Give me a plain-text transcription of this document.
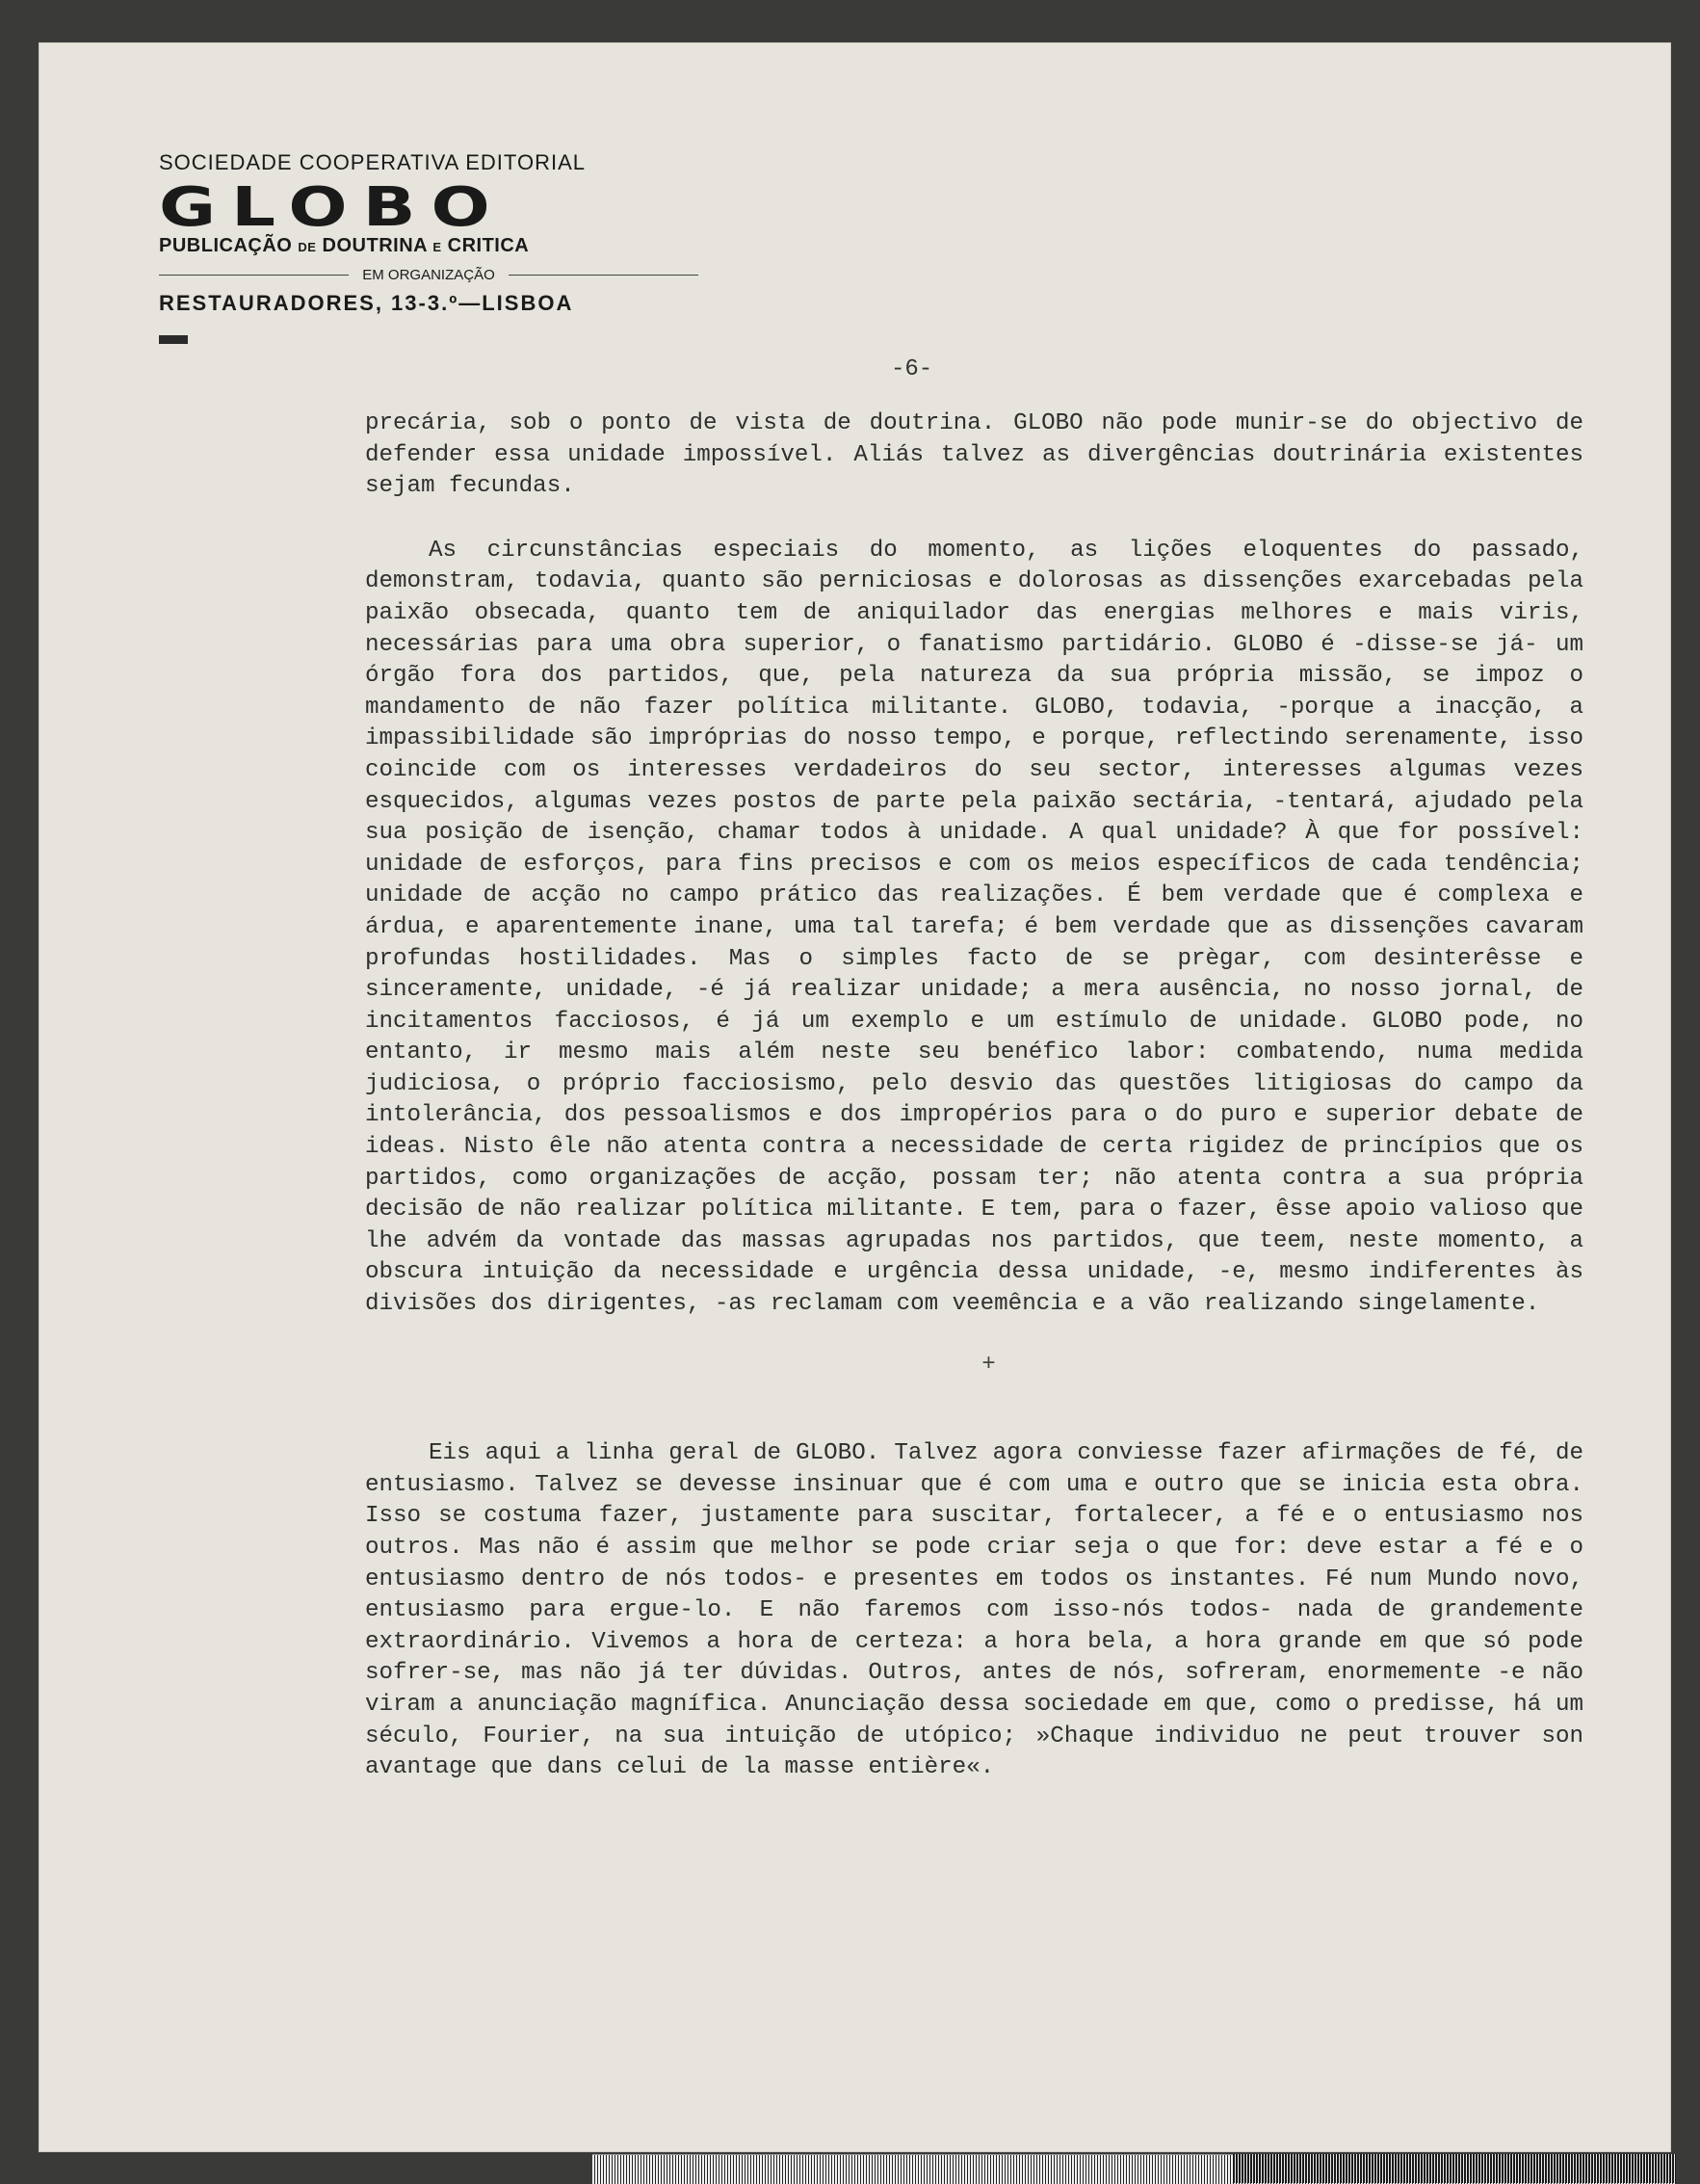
SOCIEDADE COOPERATIVA EDITORIAL
GLOBO
PUBLICAÇÃO DE DOUTRINA E CRITICA
EM ORGANIZAÇÃO
RESTAURADORES, 13-3.º—LISBOA
-6-

precária, sob o ponto de vista de doutrina. GLOBO não pode munir-se do objectivo de defender essa unidade impossível. Aliás talvez as divergências doutrinária existentes sejam fecundas.

As circunstâncias especiais do momento, as lições eloquentes do passado, demonstram, todavia, quanto são perniciosas e dolorosas as dissenções exarcebadas pela paixão obsecada, quanto tem de aniquilador das energias melhores e mais viris, necessárias para uma obra superior, o fanatismo partidário. GLOBO é -disse-se já- um órgão fora dos partidos, que, pela natureza da sua própria missão, se impoz o mandamento de não fazer política militante. GLOBO, todavia, -porque a inacção, a impassibilidade são impróprias do nosso tempo, e porque, reflectindo serenamente, isso coincide com os interesses verdadeiros do seu sector, interesses algumas vezes esquecidos, algumas vezes postos de parte pela paixão sectária, -tentará, ajudado pela sua posição de isenção, chamar todos à unidade. A qual unidade? À que for possível: unidade de esforços, para fins precisos e com os meios específicos de cada tendência; unidade de acção no campo prático das realizações. É bem verdade que é complexa e árdua, e aparentemente inane, uma tal tarefa; é bem verdade que as dissenções cavaram profundas hostilidades. Mas o simples facto de se prègar, com desinterêsse e sinceramente, unidade, -é já realizar unidade; a mera ausência, no nosso jornal, de incitamentos facciosos, é já um exemplo e um estímulo de unidade. GLOBO pode, no entanto, ir mesmo mais além neste seu benéfico labor: combatendo, numa medida judiciosa, o próprio facciosismo, pelo desvio das questões litigiosas do campo da intolerância, dos pessoalismos e dos impropérios para o do puro e superior debate de ideas. Nisto êle não atenta contra a necessidade de certa rigidez de princípios que os partidos, como organizações de acção, possam ter; não atenta contra a sua própria decisão de não realizar política militante. E tem, para o fazer, êsse apoio valioso que lhe advém da vontade das massas agrupadas nos partidos, que teem, neste momento, a obscura intuição da necessidade e urgência dessa unidade, -e, mesmo indiferentes às divisões dos dirigentes, -as reclamam com veemência e a vão realizando singelamente.

+

Eis aqui a linha geral de GLOBO. Talvez agora conviesse fazer afirmações de fé, de entusiasmo. Talvez se devesse insinuar que é com uma e outro que se inicia esta obra. Isso se costuma fazer, justamente para suscitar, fortalecer, a fé e o entusiasmo nos outros. Mas não é assim que melhor se pode criar seja o que for: deve estar a fé e o entusiasmo dentro de nós todos- e presentes em todos os instantes. Fé num Mundo novo, entusiasmo para ergue-lo. E não faremos com isso-nós todos- nada de grandemente extraordinário. Vivemos a hora de certeza: a hora bela, a hora grande em que só pode sofrer-se, mas não já ter dúvidas. Outros, antes de nós, sofreram, enormemente -e não viram a anunciação magnífica. Anunciação dessa sociedade em que, como o predisse, há um século, Fourier, na sua intuição de utópico; »Chaque individuo ne peut trouver son avantage que dans celui de la masse entière«.
